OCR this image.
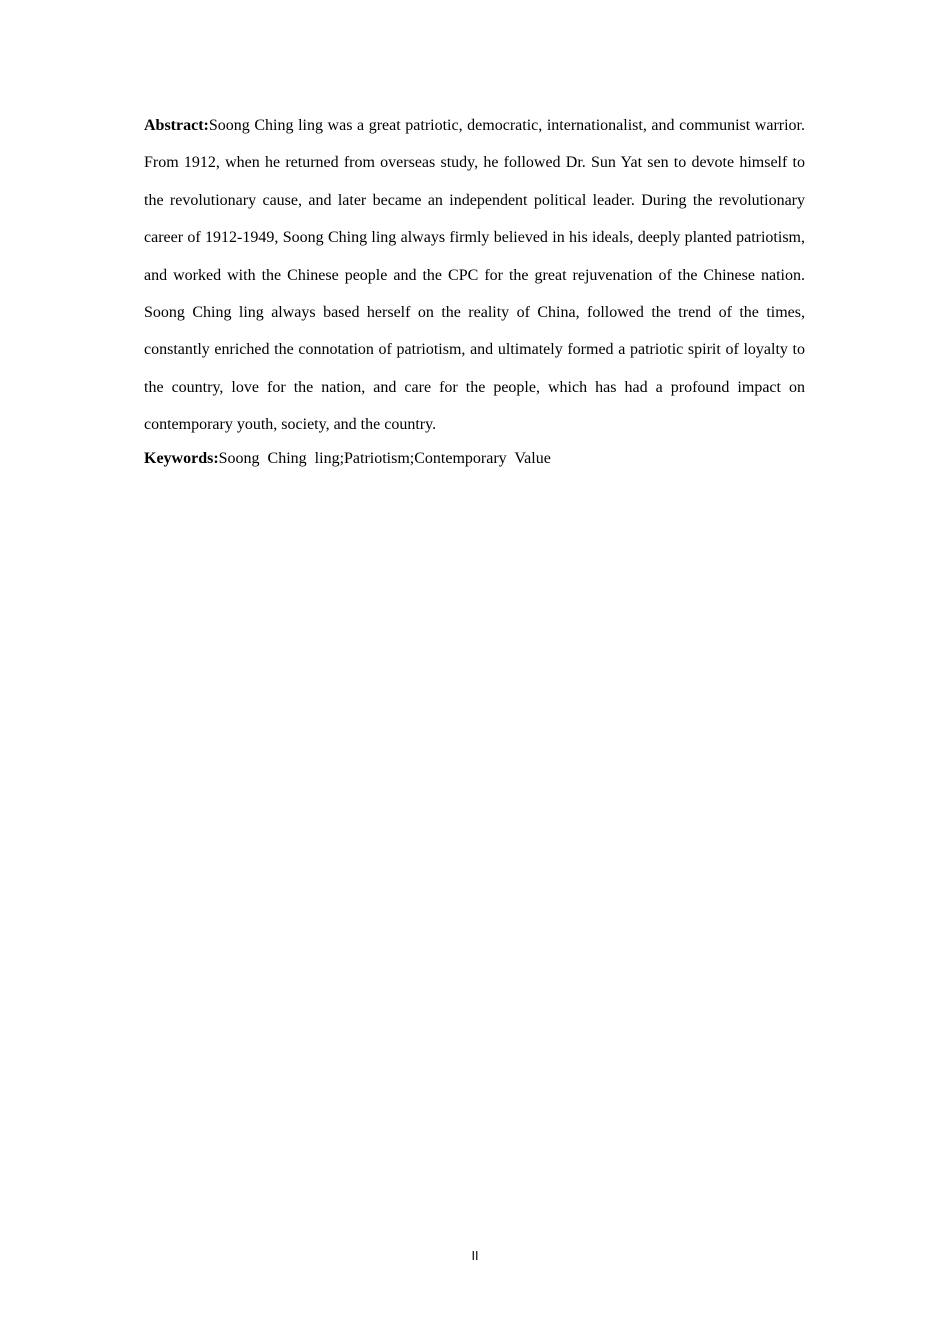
Abstract:Soong Ching ling was a great patriotic, democratic, internationalist, and communist warrior. From 1912, when he returned from overseas study, he followed Dr. Sun Yat sen to devote himself to the revolutionary cause, and later became an independent political leader. During the revolutionary career of 1912-1949, Soong Ching ling always firmly believed in his ideals, deeply planted patriotism, and worked with the Chinese people and the CPC for the great rejuvenation of the Chinese nation. Soong Ching ling always based herself on the reality of China, followed the trend of the times, constantly enriched the connotation of patriotism, and ultimately formed a patriotic spirit of loyalty to the country, love for the nation, and care for the people, which has had a profound impact on contemporary youth, society, and the country.
Keywords:Soong  Ching  ling;Patriotism;Contemporary  Value
II
